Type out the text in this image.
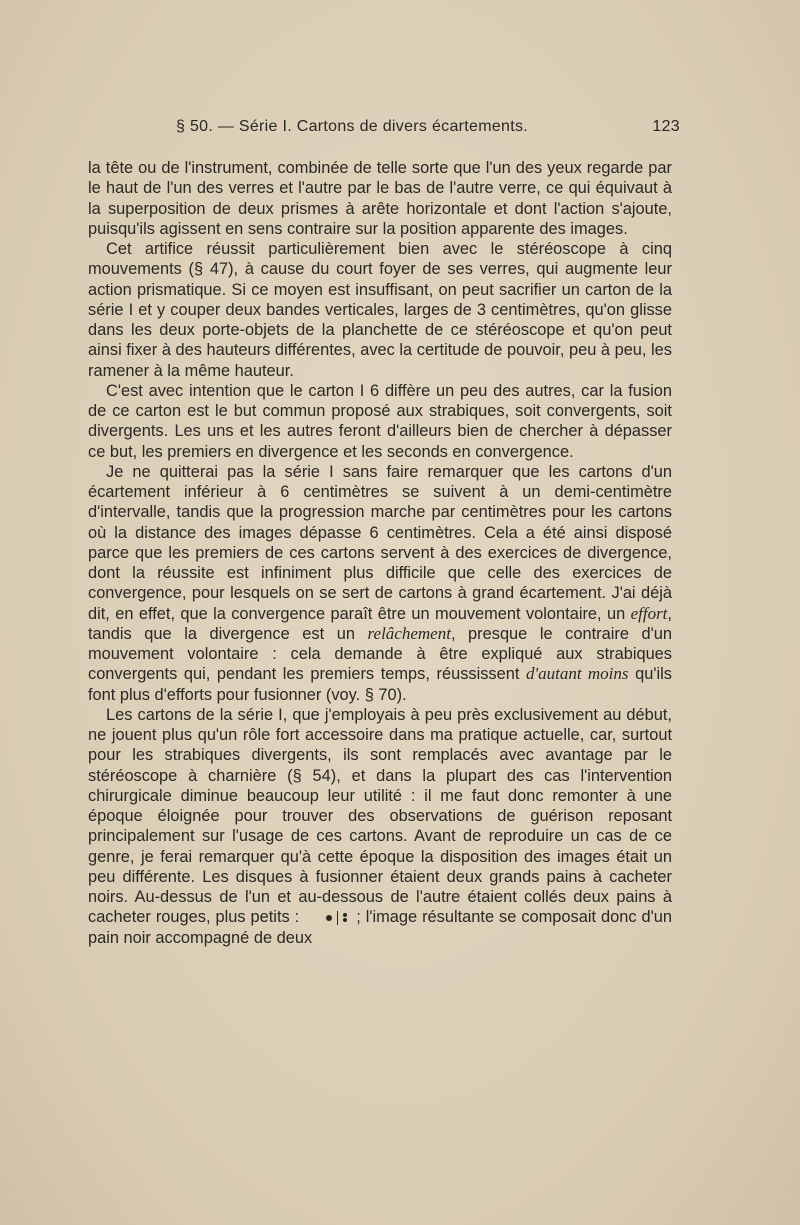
§ 50. — Série I. Cartons de divers écartements.	123

la tête ou de l'instrument, combinée de telle sorte que l'un des yeux regarde par le haut de l'un des verres et l'autre par le bas de l'autre verre, ce qui équivaut à la superposition de deux prismes à arête horizontale et dont l'action s'ajoute, puisqu'ils agissent en sens contraire sur la position apparente des images.

Cet artifice réussit particulièrement bien avec le stéréoscope à cinq mouvements (§ 47), à cause du court foyer de ses verres, qui augmente leur action prismatique. Si ce moyen est insuffisant, on peut sacrifier un carton de la série I et y couper deux bandes verticales, larges de 3 centimètres, qu'on glisse dans les deux porte-objets de la planchette de ce stéréoscope et qu'on peut ainsi fixer à des hauteurs différentes, avec la certitude de pouvoir, peu à peu, les ramener à la même hauteur.

C'est avec intention que le carton I 6 diffère un peu des autres, car la fusion de ce carton est le but commun proposé aux strabiques, soit convergents, soit divergents. Les uns et les autres feront d'ailleurs bien de chercher à dépasser ce but, les premiers en divergence et les seconds en convergence.

Je ne quitterai pas la série I sans faire remarquer que les cartons d'un écartement inférieur à 6 centimètres se suivent à un demi-centimètre d'intervalle, tandis que la progression marche par centimètres pour les cartons où la distance des images dépasse 6 centimètres. Cela a été ainsi disposé parce que les premiers de ces cartons servent à des exercices de divergence, dont la réussite est infiniment plus difficile que celle des exercices de convergence, pour lesquels on se sert de cartons à grand écartement. J'ai déjà dit, en effet, que la convergence paraît être un mouvement volontaire, un effort, tandis que la divergence est un relâchement, presque le contraire d'un mouvement volontaire : cela demande à être expliqué aux strabiques convergents qui, pendant les premiers temps, réussissent d'autant moins qu'ils font plus d'efforts pour fusionner (voy. § 70).

Les cartons de la série I, que j'employais à peu près exclusivement au début, ne jouent plus qu'un rôle fort accessoire dans ma pratique actuelle, car, surtout pour les strabiques divergents, ils sont remplacés avec avantage par le stéréoscope à charnière (§ 54), et dans la plupart des cas l'intervention chirurgicale diminue beaucoup leur utilité : il me faut donc remonter à une époque éloignée pour trouver des observations de guérison reposant principalement sur l'usage de ces cartons. Avant de reproduire un cas de ce genre, je ferai remarquer qu'à cette époque la disposition des images était un peu différente. Les disques à fusionner étaient deux grands pains à cacheter noirs. Au-dessus de l'un et au-dessous de l'autre étaient collés deux pains à cacheter rouges, plus petits :	; l'image résultante se composait donc d'un pain noir accompagné de deux
